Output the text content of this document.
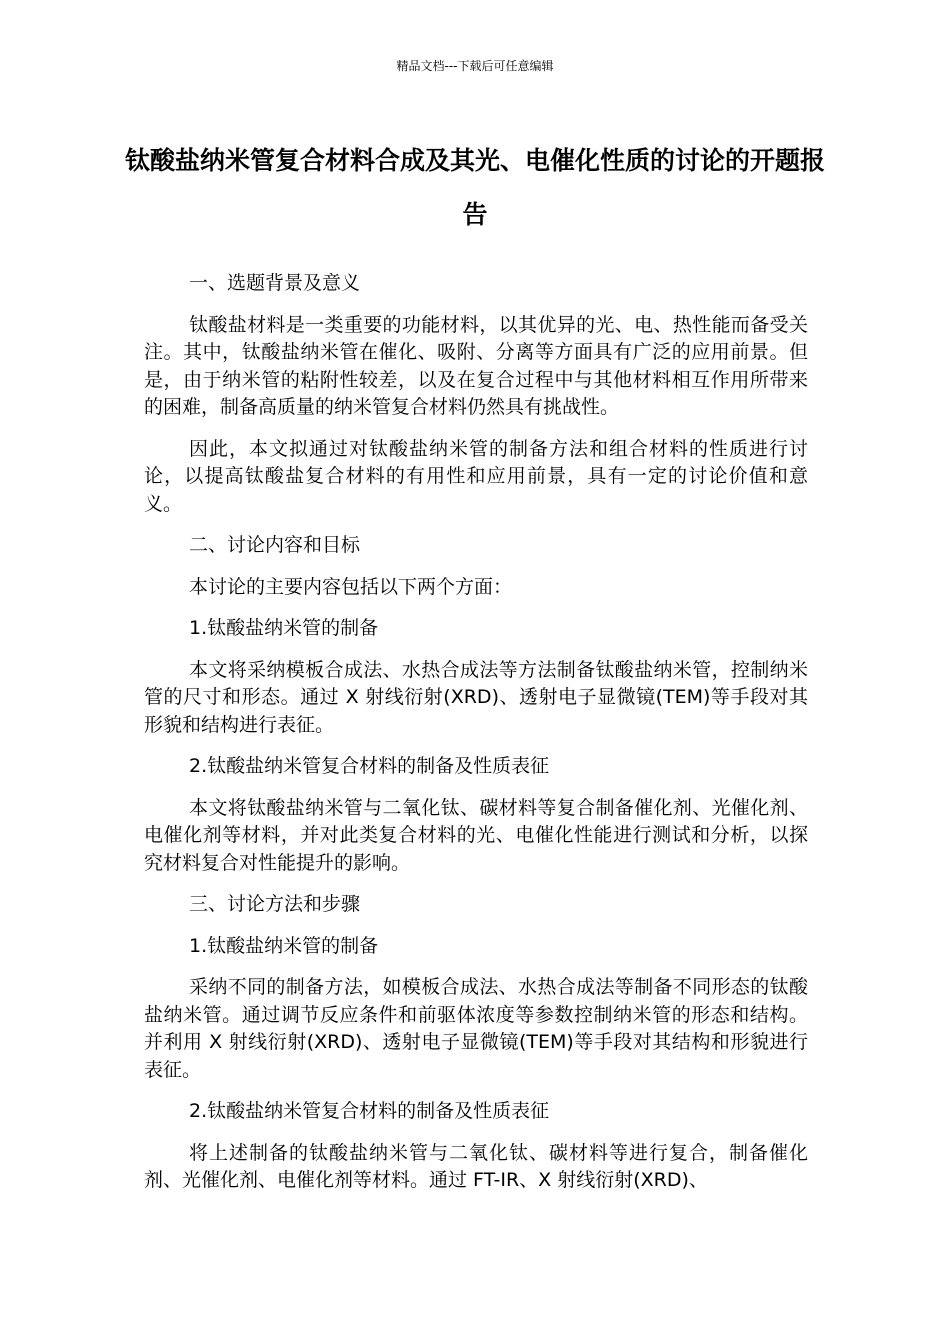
精品文档---下载后可任意编辑
钛酸盐纳米管复合材料合成及其光、电催化性质的讨论的开题报告

一、选题背景及意义

钛酸盐材料是一类重要的功能材料，以其优异的光、电、热性能而备受关注。其中，钛酸盐纳米管在催化、吸附、分离等方面具有广泛的应用前景。但是，由于纳米管的粘附性较差，以及在复合过程中与其他材料相互作用所带来的困难，制备高质量的纳米管复合材料仍然具有挑战性。

因此，本文拟通过对钛酸盐纳米管的制备方法和组合材料的性质进行讨论，以提高钛酸盐复合材料的有用性和应用前景，具有一定的讨论价值和意义。

二、讨论内容和目标

本讨论的主要内容包括以下两个方面：

1.钛酸盐纳米管的制备

本文将采纳模板合成法、水热合成法等方法制备钛酸盐纳米管，控制纳米管的尺寸和形态。通过 X 射线衍射(XRD)、透射电子显微镜(TEM)等手段对其形貌和结构进行表征。

2.钛酸盐纳米管复合材料的制备及性质表征

本文将钛酸盐纳米管与二氧化钛、碳材料等复合制备催化剂、光催化剂、电催化剂等材料，并对此类复合材料的光、电催化性能进行测试和分析，以探究材料复合对性能提升的影响。

三、讨论方法和步骤

1.钛酸盐纳米管的制备

采纳不同的制备方法，如模板合成法、水热合成法等制备不同形态的钛酸盐纳米管。通过调节反应条件和前驱体浓度等参数控制纳米管的形态和结构。并利用 X 射线衍射(XRD)、透射电子显微镜(TEM)等手段对其结构和形貌进行表征。

2.钛酸盐纳米管复合材料的制备及性质表征

将上述制备的钛酸盐纳米管与二氧化钛、碳材料等进行复合，制备催化剂、光催化剂、电催化剂等材料。通过 FT-IR、X 射线衍射(XRD)、
